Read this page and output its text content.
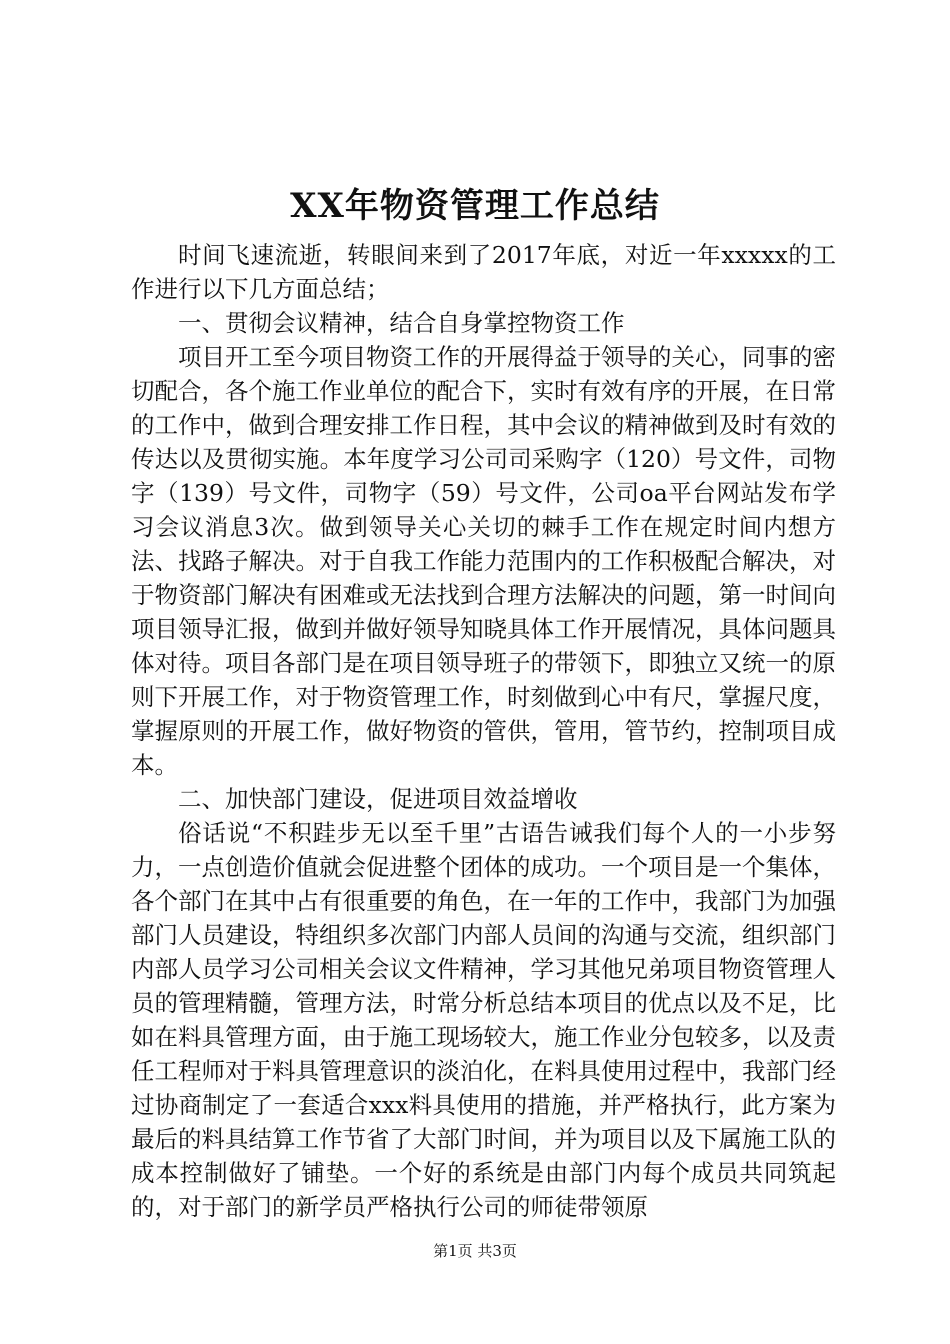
XX年物资管理工作总结

时间飞速流逝，转眼间来到了2017年底，对近一年xxxxx的工作进行以下几方面总结；

一、贯彻会议精神，结合自身掌控物资工作

项目开工至今项目物资工作的开展得益于领导的关心，同事的密切配合，各个施工作业单位的配合下，实时有效有序的开展，在日常的工作中，做到合理安排工作日程，其中会议的精神做到及时有效的传达以及贯彻实施。本年度学习公司司采购字（120）号文件，司物字（139）号文件，司物字（59）号文件，公司oa平台网站发布学习会议消息3次。做到领导关心关切的棘手工作在规定时间内想方法、找路子解决。对于自我工作能力范围内的工作积极配合解决，对于物资部门解决有困难或无法找到合理方法解决的问题，第一时间向项目领导汇报，做到并做好领导知晓具体工作开展情况，具体问题具体对待。项目各部门是在项目领导班子的带领下，即独立又统一的原则下开展工作，对于物资管理工作，时刻做到心中有尺，掌握尺度，掌握原则的开展工作，做好物资的管供，管用，管节约，控制项目成本。

二、加快部门建设，促进项目效益增收

俗话说“不积跬步无以至千里”古语告诫我们每个人的一小步努力，一点创造价值就会促进整个团体的成功。一个项目是一个集体，各个部门在其中占有很重要的角色，在一年的工作中，我部门为加强部门人员建设，特组织多次部门内部人员间的沟通与交流，组织部门内部人员学习公司相关会议文件精神，学习其他兄弟项目物资管理人员的管理精髓，管理方法，时常分析总结本项目的优点以及不足，比如在料具管理方面，由于施工现场较大，施工作业分包较多，以及责任工程师对于料具管理意识的淡泊化，在料具使用过程中，我部门经过协商制定了一套适合xxx料具使用的措施，并严格执行，此方案为最后的料具结算工作节省了大部门时间，并为项目以及下属施工队的成本控制做好了铺垫。一个好的系统是由部门内每个成员共同筑起的，对于部门的新学员严格执行公司的师徒带领原

第1页 共3页
